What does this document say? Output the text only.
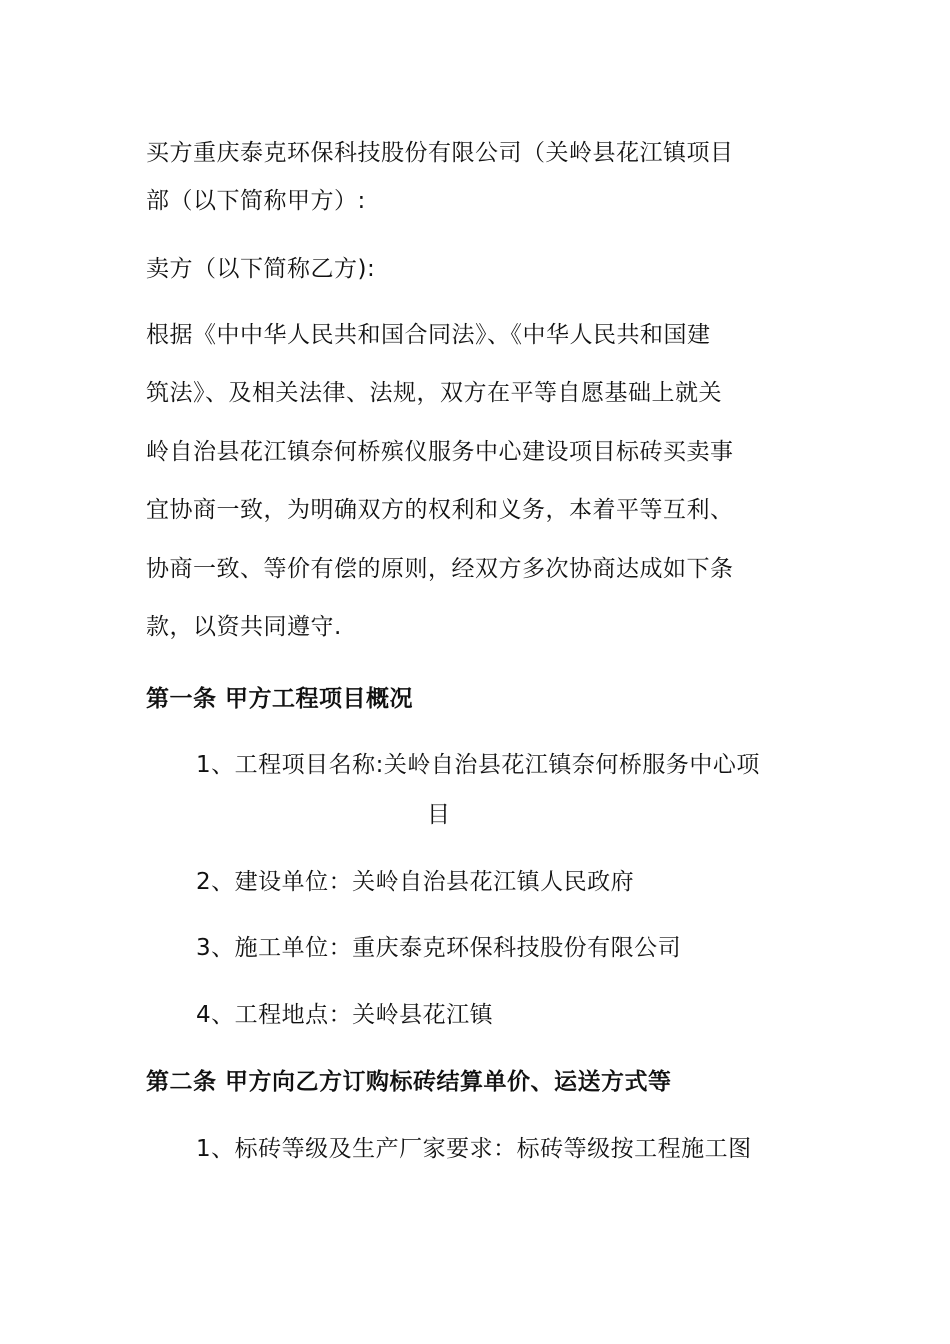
买方重庆泰克环保科技股份有限公司（关岭县花江镇项目
部（以下简称甲方）:
卖方（以下简称乙方):
根据《中中华人民共和国合同法》、《中华人民共和国建
筑法》、及相关法律、法规，双方在平等自愿基础上就关
岭自治县花江镇奈何桥殡仪服务中心建设项目标砖买卖事
宜协商一致，为明确双方的权利和义务，本着平等互利、
协商一致、等价有偿的原则，经双方多次协商达成如下条
款，以资共同遵守.
第一条 甲方工程项目概况
1、工程项目名称:关岭自治县花江镇奈何桥服务中心项
目
2、建设单位：关岭自治县花江镇人民政府
3、施工单位：重庆泰克环保科技股份有限公司
4、工程地点：关岭县花江镇
第二条 甲方向乙方订购标砖结算单价、运送方式等
1、标砖等级及生产厂家要求：标砖等级按工程施工图
